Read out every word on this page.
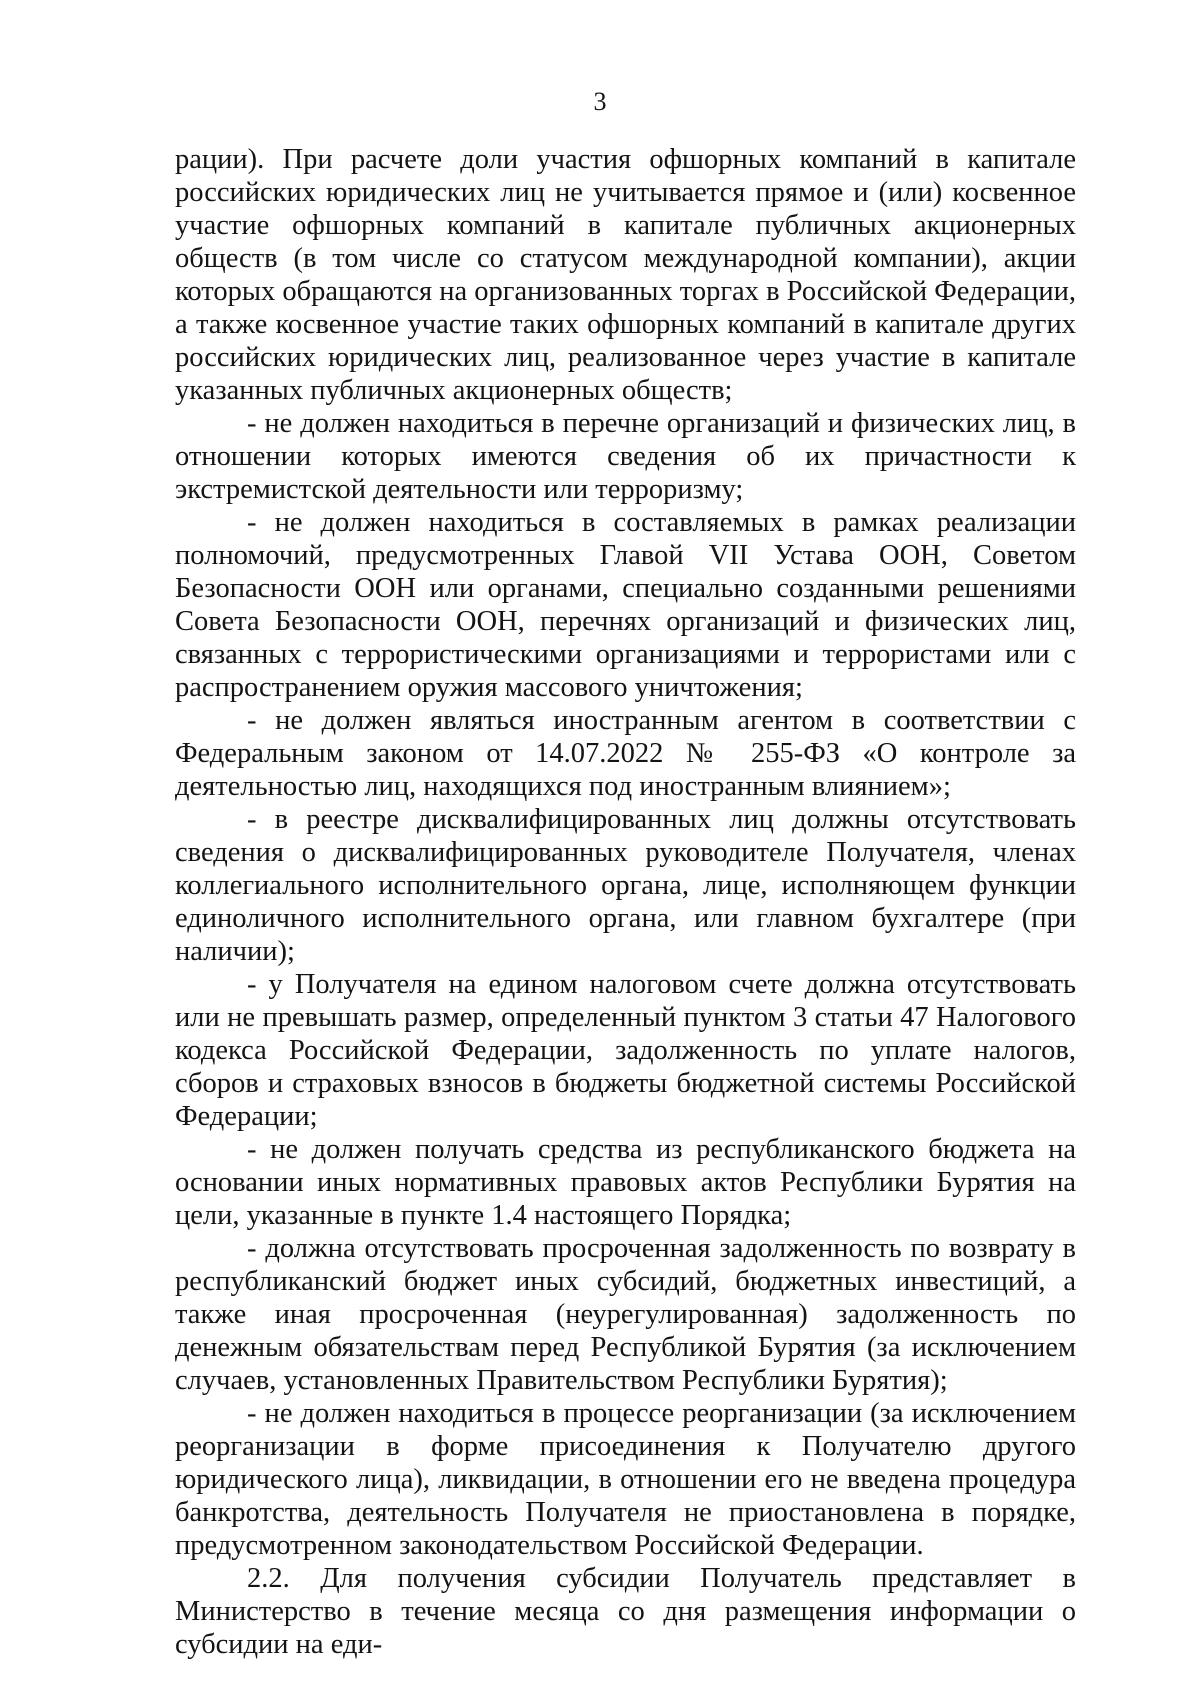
3

рации). При расчете доли участия офшорных компаний в капитале российских юридических лиц не учитывается прямое и (или) косвенное участие офшорных компаний в капитале публичных акционерных обществ (в том числе со статусом международной компании), акции которых обращаются на организованных торгах в Российской Федерации, а также косвенное участие таких офшорных компаний в капитале других российских юридических лиц, реализованное через участие в капитале указанных публичных акционерных обществ;

- не должен находиться в перечне организаций и физических лиц, в отношении которых имеются сведения об их причастности к экстремистской деятельности или терроризму;

- не должен находиться в составляемых в рамках реализации полномочий, предусмотренных Главой VII Устава ООН, Советом Безопасности ООН или органами, специально созданными решениями Совета Безопасности ООН, перечнях организаций и физических лиц, связанных с террористическими организациями и террористами или с распространением оружия массового уничтожения;

- не должен являться иностранным агентом в соответствии с Федеральным законом от 14.07.2022 № 255-ФЗ «О контроле за деятельностью лиц, находящихся под иностранным влиянием»;

- в реестре дисквалифицированных лиц должны отсутствовать сведения о дисквалифицированных руководителе Получателя, членах коллегиального исполнительного органа, лице, исполняющем функции единоличного исполнительного органа, или главном бухгалтере (при наличии);

- у Получателя на едином налоговом счете должна отсутствовать или не превышать размер, определенный пунктом 3 статьи 47 Налогового кодекса Российской Федерации, задолженность по уплате налогов, сборов и страховых взносов в бюджеты бюджетной системы Российской Федерации;

- не должен получать средства из республиканского бюджета на основании иных нормативных правовых актов Республики Бурятия на цели, указанные в пункте 1.4 настоящего Порядка;

- должна отсутствовать просроченная задолженность по возврату в республиканский бюджет иных субсидий, бюджетных инвестиций, а также иная просроченная (неурегулированная) задолженность по денежным обязательствам перед Республикой Бурятия (за исключением случаев, установленных Правительством Республики Бурятия);

- не должен находиться в процессе реорганизации (за исключением реорганизации в форме присоединения к Получателю другого юридического лица), ликвидации, в отношении его не введена процедура банкротства, деятельность Получателя не приостановлена в порядке, предусмотренном законодательством Российской Федерации.

2.2. Для получения субсидии Получатель представляет в Министерство в течение месяца со дня размещения информации о субсидии на еди-
